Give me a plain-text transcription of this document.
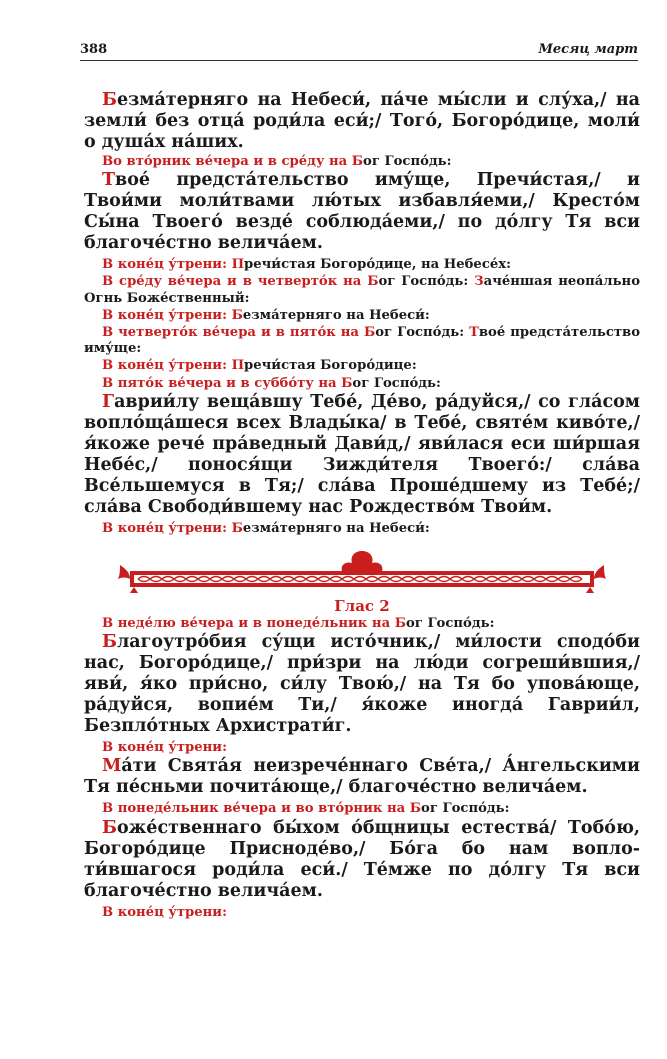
388	Месяц март

Безма́терняго на Небеси́, па́че мы́сли и слу́ха,/ на земли́ без отца́ роди́ла еси́;/ Того́, Богоро́дице, моли́ о душа́х на́ших.

Во вто́рник ве́чера и в сре́ду на Бог Госпо́дь:

Твое́ предста́тельство иму́ще, Пречи́стая,/ и Твои́ми моли́твами лю́тых избавля́еми,/ Кресто́м Сы́на Твоего́ везде́ соблюда́еми,/ по до́лгу Тя вси благоче́стно велича́ем.

В коне́ц у́трени: Пречи́стая Богоро́дице, на Небесе́х:

В сре́ду ве́чера и в четверто́к на Бог Госпо́дь: Заче́ншая неопа́льно Огнь Боже́ственный:

В коне́ц у́трени: Безма́терняго на Небеси́:

В четверто́к ве́чера и в пято́к на Бог Госпо́дь: Твое́ предста́тельство иму́ще:

В коне́ц у́трени: Пречи́стая Богоро́дице:

В пято́к ве́чера и в суббо́ту на Бог Госпо́дь:

Гаврии́лу веща́вшу Тебе́, Де́во, ра́дуйся,/ со гла́сом вопло́ща́шеся всех Влады́ка/ в Тебе́, святе́м киво́те,/ я́коже рече́ пра́ведный Дави́д,/ яви́лася еси ши́ршая Небе́с,/ понося́щи Зижди́теля Твоего́:/ сла́ва Все́льшемуся в Тя;/ сла́ва Проше́дшему из Тебе́;/ сла́ва Свободи́вшему нас Рождество́м Твои́м.

В коне́ц у́трени: Безма́терняго на Небеси́:

Глас 2

В неде́лю ве́чера и в понеде́льник на Бог Госпо́дь:

Благоутро́бия су́щи исто́чник,/ ми́лости сподо́би нас, Богоро́дице,/ при́зри на лю́ди согреши́вшия,/ яви́, я́ко при́сно, си́лу Твою́,/ на Тя бо упова́юще, ра́дуйся, вопие́м Ти,/ я́коже иногда́ Гаврии́л, Безпло́тных Архистрати́г.

В коне́ц у́трени:

Ма́ти Свята́я неизрече́ннаго Све́та,/ А́нгельскими Тя пе́сньми почита́юще,/ благоче́стно велича́ем.

В понеде́льник ве́чера и во вто́рник на Бог Госпо́дь:

Боже́ственнаго бы́хом о́бщницы естества́/ Тобо́ю, Богоро́дице Присноде́во,/ Бо́га бо нам вопло-ти́вшагося роди́ла еси́./ Те́мже по до́лгу Тя вси благоче́стно велича́ем.

В коне́ц у́трени:
